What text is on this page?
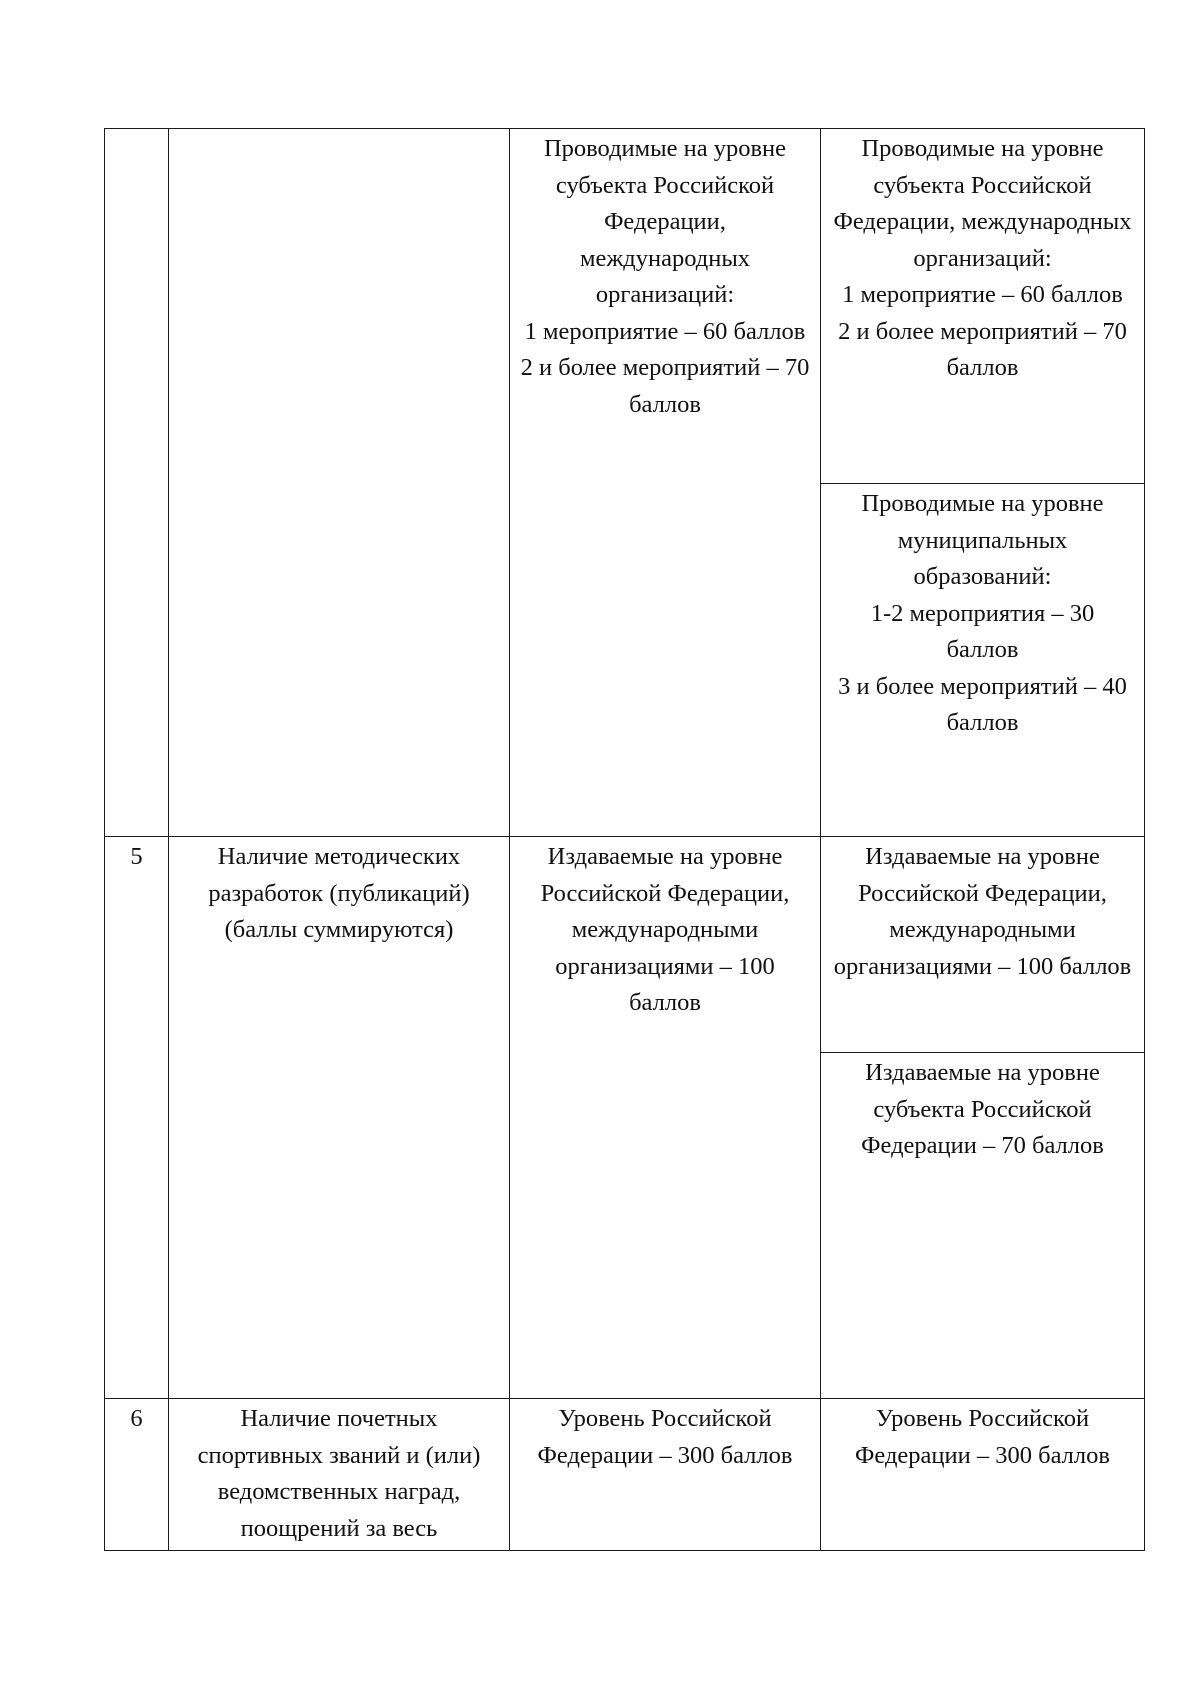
		Проводимые на уровне субъекта Российской Федерации, международных организаций:
1 мероприятие – 60 баллов
2 и более мероприятий – 70 баллов	Проводимые на уровне субъекта Российской Федерации, международных организаций:
1 мероприятие – 60 баллов
2 и более мероприятий – 70 баллов
			Проводимые на уровне муниципальных образований:
1-2 мероприятия – 30 баллов
3 и более мероприятий – 40 баллов
5	Наличие методических разработок (публикаций) (баллы суммируются)	Издаваемые на уровне Российской Федерации, международными организациями – 100 баллов	Издаваемые на уровне Российской Федерации, международными организациями – 100 баллов
			Издаваемые на уровне субъекта Российской Федерации – 70 баллов
6	Наличие почетных спортивных званий и (или) ведомственных наград, поощрений за весь	Уровень Российской Федерации – 300 баллов	Уровень Российской Федерации – 300 баллов
